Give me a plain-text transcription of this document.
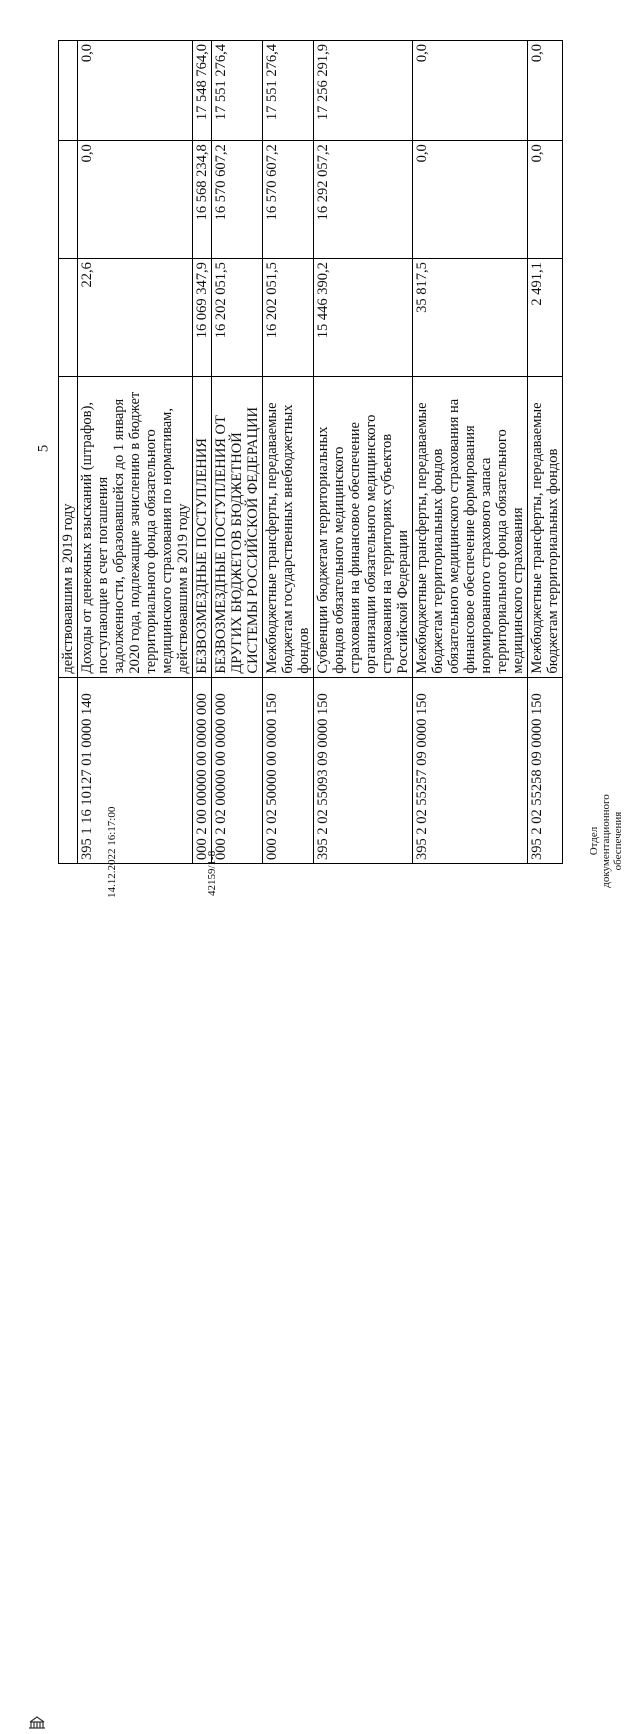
5
	действовавшим в 2019 году			
395 1 16 10127 01 0000 140	Доходы от денежных взысканий (штрафов), поступающие в счет погашения задолженности, образовавшейся до 1 января 2020 года, подлежащие зачислению в бюджет территориального фонда обязательного медицинского страхования по нормативам, действовавшим в 2019 году	22,6	0,0	0,0
000 2 00 00000 00 0000 000	БЕЗВОЗМЕЗДНЫЕ ПОСТУПЛЕНИЯ	16 069 347,9	16 568 234,8	17 548 764,0
000 2 02 00000 00 0000 000	БЕЗВОЗМЕЗДНЫЕ ПОСТУПЛЕНИЯ ОТ ДРУГИХ БЮДЖЕТОВ БЮДЖЕТНОЙ СИСТЕМЫ РОССИЙСКОЙ ФЕДЕРАЦИИ	16 202 051,5	16 570 607,2	17 551 276,4
000 2 02 50000 00 0000 150	Межбюджетные трансферты, передаваемые бюджетам государственных внебюджетных фондов	16 202 051,5	16 570 607,2	17 551 276,4
395 2 02 55093 09 0000 150	Субвенции бюджетам территориальных фондов обязательного медицинского страхования на финансовое обеспечение организации обязательного медицинского страхования на территориях субъектов Российской Федерации	15 446 390,2	16 292 057,2	17 256 291,9
395 2 02 55257 09 0000 150	Межбюджетные трансферты, передаваемые бюджетам территориальных фондов обязательного медицинского страхования на финансовое обеспечение формирования нормированного страхового запаса территориального фонда обязательного медицинского страхования	35 817,5	0,0	0,0
395 2 02 55258 09 0000 150	Межбюджетные трансферты, передаваемые бюджетам территориальных фондов	2 491,1	0,0	0,0
14.12.2022 16:17:00	42159/1-8
Отдел документационного обеспечения
